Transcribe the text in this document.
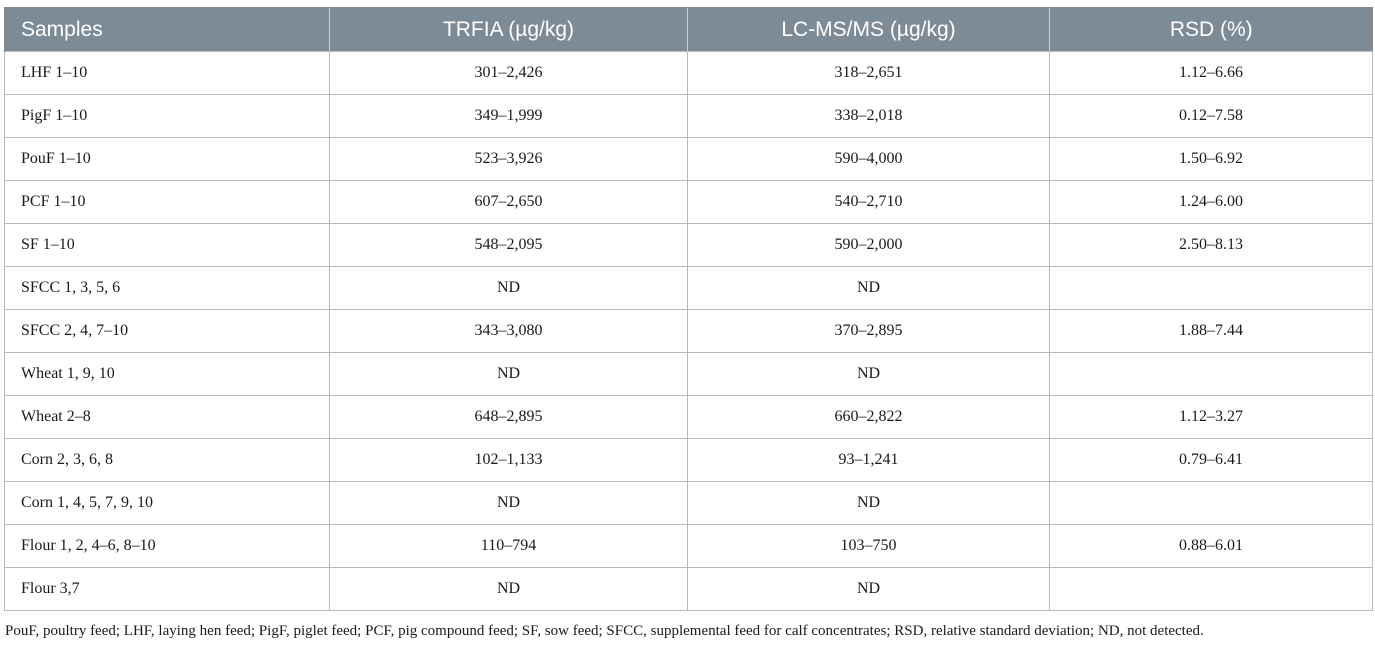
Samples	TRFIA (µg/kg)	LC-MS/MS (µg/kg)	RSD (%)
LHF 1–10	301–2,426	318–2,651	1.12–6.66
PigF 1–10	349–1,999	338–2,018	0.12–7.58
PouF 1–10	523–3,926	590–4,000	1.50–6.92
PCF 1–10	607–2,650	540–2,710	1.24–6.00
SF 1–10	548–2,095	590–2,000	2.50–8.13
SFCC 1, 3, 5, 6	ND	ND	
SFCC 2, 4, 7–10	343–3,080	370–2,895	1.88–7.44
Wheat 1, 9, 10	ND	ND	
Wheat 2–8	648–2,895	660–2,822	1.12–3.27
Corn 2, 3, 6, 8	102–1,133	93–1,241	0.79–6.41
Corn 1, 4, 5, 7, 9, 10	ND	ND	
Flour 1, 2, 4–6, 8–10	110–794	103–750	0.88–6.01
Flour 3,7	ND	ND	
PouF, poultry feed; LHF, laying hen feed; PigF, piglet feed; PCF, pig compound feed; SF, sow feed; SFCC, supplemental feed for calf concentrates; RSD, relative standard deviation; ND, not detected.
